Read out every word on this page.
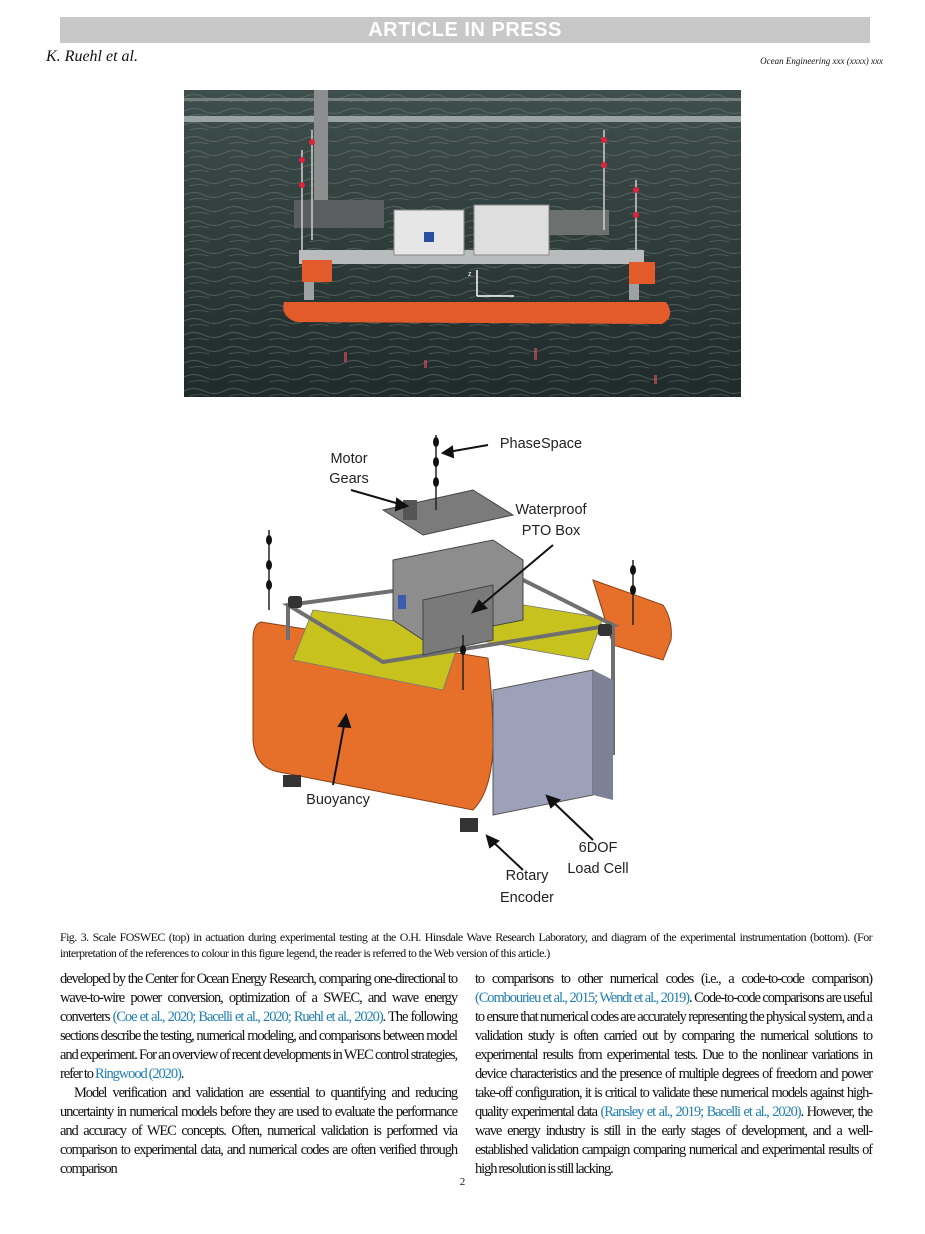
ARTICLE IN PRESS
K. Ruehl et al.	Ocean Engineering xxx (xxxx) xxx
z
Motor
Gears
PhaseSpace
Waterproof
PTO Box
Buoyancy
6DOF
Load Cell
Rotary
Encoder
Fig. 3. Scale FOSWEC (top) in actuation during experimental testing at the O.H. Hinsdale Wave Research Laboratory, and diagram of the experimental instrumentation (bottom). (For interpretation of the references to colour in this figure legend, the reader is referred to the Web version of this article.)

developed by the Center for Ocean Energy Research, comparing one-directional to wave-to-wire power conversion, optimization of a SWEC, and wave energy converters (Coe et al., 2020; Bacelli et al., 2020; Ruehl et al., 2020). The following sections describe the testing, numerical modeling, and comparisons between model and experiment. For an overview of recent developments in WEC control strategies, refer to Ringwood (2020).

Model verification and validation are essential to quantifying and reducing uncertainty in numerical models before they are used to evaluate the performance and accuracy of WEC concepts. Often, numerical validation is performed via comparison to experimental data, and numerical codes are often verified through comparison

to comparisons to other numerical codes (i.e., a code-to-code comparison) (Combourieu et al., 2015; Wendt et al., 2019). Code-to-code comparisons are useful to ensure that numerical codes are accurately representing the physical system, and a validation study is often carried out by comparing the numerical solutions to experimental results from experimental tests. Due to the nonlinear variations in device characteristics and the presence of multiple degrees of freedom and power take-off configuration, it is critical to validate these numerical models against high-quality experimental data (Ransley et al., 2019; Bacelli et al., 2020). However, the wave energy industry is still in the early stages of development, and a well-established validation campaign comparing numerical and experimental results of high resolution is still lacking.

2
